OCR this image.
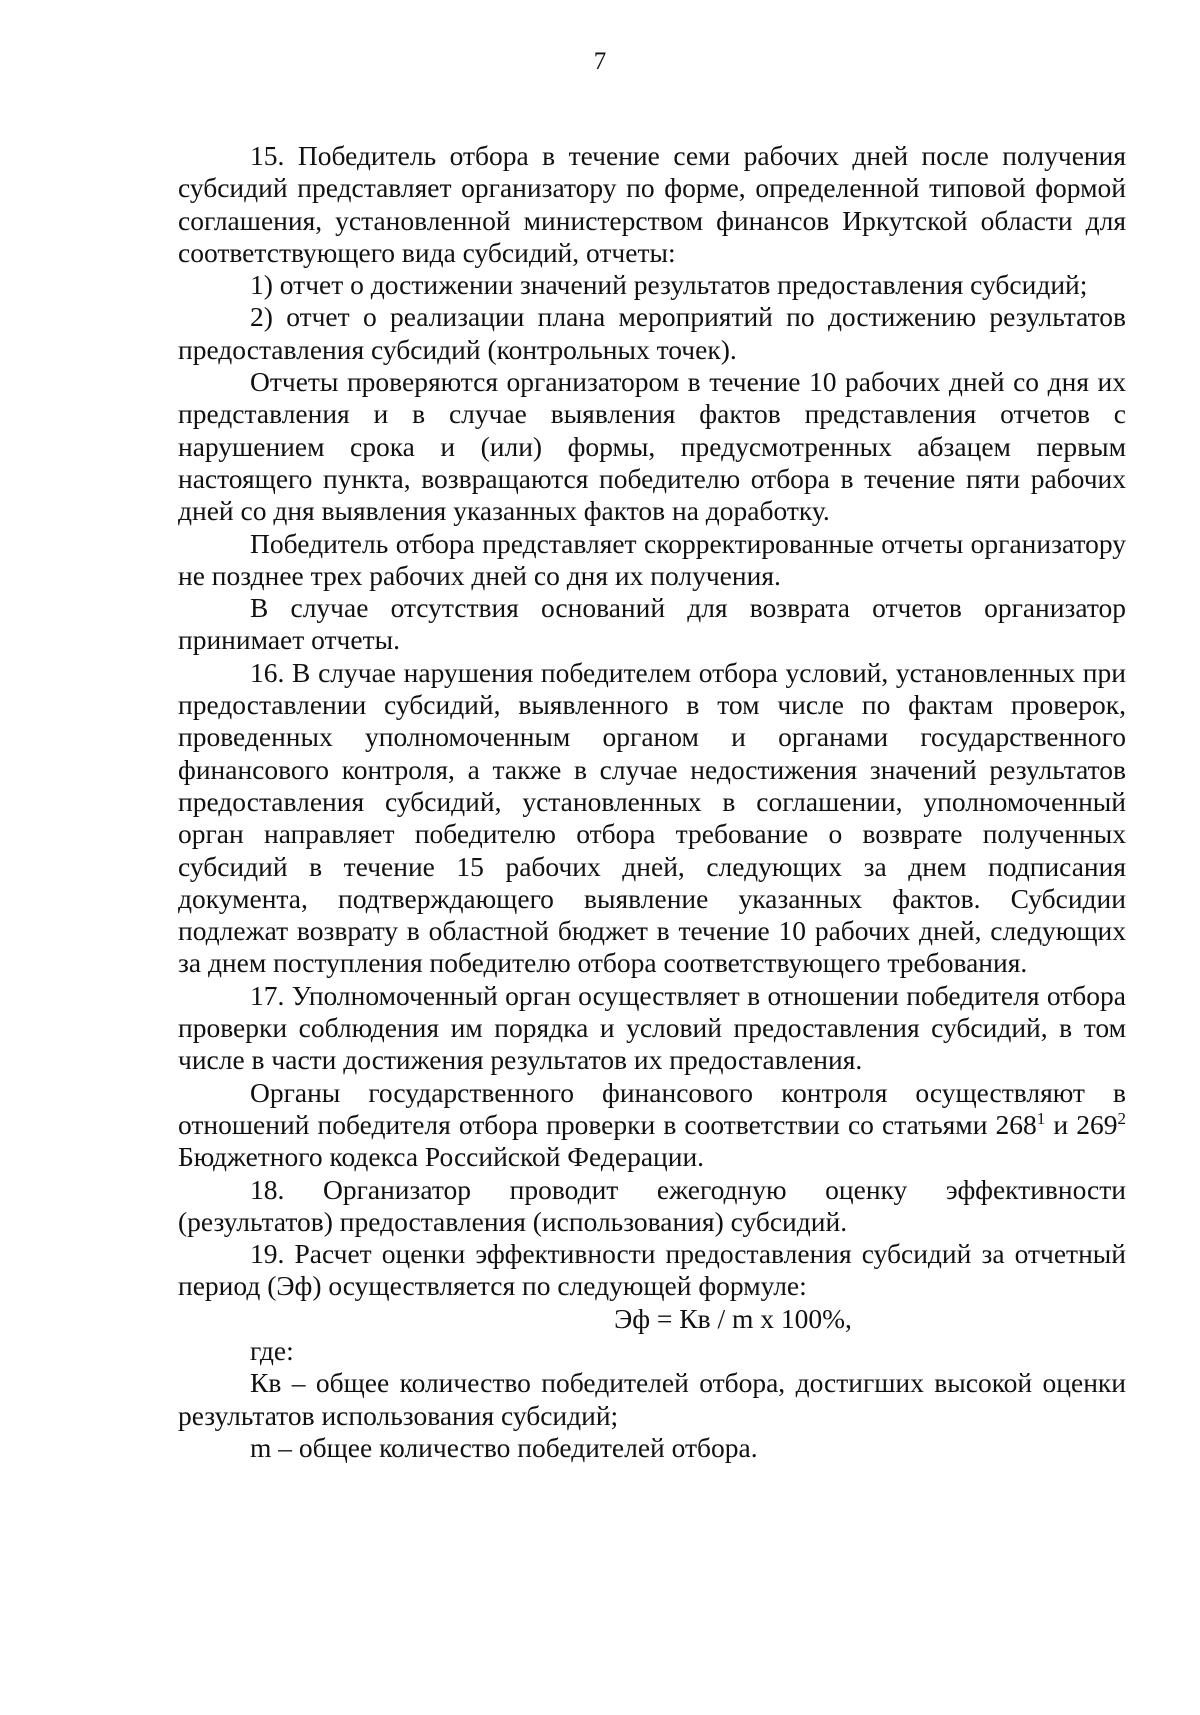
7

15. Победитель отбора в течение семи рабочих дней после получения субсидий представляет организатору по форме, определенной типовой формой соглашения, установленной министерством финансов Иркутской области для соответствующего вида субсидий, отчеты:

1) отчет о достижении значений результатов предоставления субсидий;

2) отчет о реализации плана мероприятий по достижению результатов предоставления субсидий (контрольных точек).

Отчеты проверяются организатором в течение 10 рабочих дней со дня их представления и в случае выявления фактов представления отчетов с нарушением срока и (или) формы, предусмотренных абзацем первым настоящего пункта, возвращаются победителю отбора в течение пяти рабочих дней со дня выявления указанных фактов на доработку.

Победитель отбора представляет скорректированные отчеты организатору не позднее трех рабочих дней со дня их получения.

В случае отсутствия оснований для возврата отчетов организатор принимает отчеты.

16. В случае нарушения победителем отбора условий, установленных при предоставлении субсидий, выявленного в том числе по фактам проверок, проведенных уполномоченным органом и органами государственного финансового контроля, а также в случае недостижения значений результатов предоставления субсидий, установленных в соглашении, уполномоченный орган направляет победителю отбора требование о возврате полученных субсидий в течение 15 рабочих дней, следующих за днем подписания документа, подтверждающего выявление указанных фактов. Субсидии подлежат возврату в областной бюджет в течение 10 рабочих дней, следующих за днем поступления победителю отбора соответствующего требования.

17. Уполномоченный орган осуществляет в отношении победителя отбора проверки соблюдения им порядка и условий предоставления субсидий, в том числе в части достижения результатов их предоставления.

Органы государственного финансового контроля осуществляют в отношений победителя отбора проверки в соответствии со статьями $268^1$ и $269^2$ Бюджетного кодекса Российской Федерации.

18. Организатор проводит ежегодную оценку эффективности (результатов) предоставления (использования) субсидий.

19. Расчет оценки эффективности предоставления субсидий за отчетный период (Эф) осуществляется по следующей формуле:

Эф = Кв / m x 100%,

где:

Кв – общее количество победителей отбора, достигших высокой оценки результатов использования субсидий;

m – общее количество победителей отбора.
